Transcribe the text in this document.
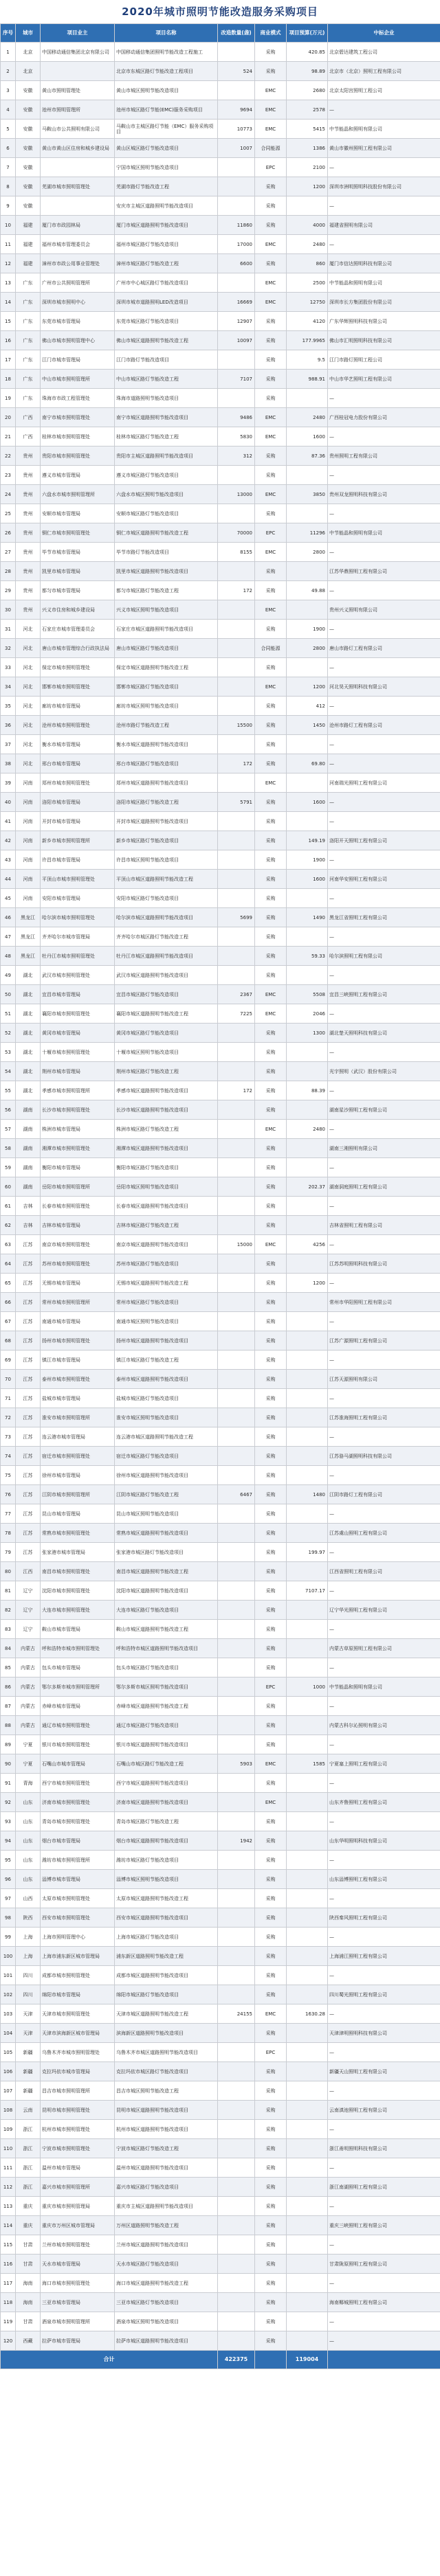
2020年城市照明节能改造服务采购项目
序号	城市	项目业主	项目名称	改造数量(盏)	商业模式	项目预算(万元)	中标企业
1	北京	中国移动通信集团北京有限公司	中国移动通信集团照明节能改造工程施工		采购	420.85	北京碧达建筑工程公司
2	北京		北京市东城区路灯节能改造工程项目	524	采购	98.89	北京市（北京）照明工程有限公司
3	安徽	黄山市照明管理处	黄山市城区照明节能改造项目		EMC	2680	北京太阳宫照明工程公司
4	安徽	池州市照明管理所	池州市城区路灯节能(EMC)服务采购项目	9694	EMC	2578	—
5	安徽	马鞍山市公共照明有限公司	马鞍山市主城区路灯节能（EMC）服务采购项目	10773	EMC	5415	中节能晶和照明有限公司
6	安徽	黄山市黄山区住房和城乡建设局	黄山区城区路灯节能改造项目	1007	合同能源	1386	黄山市徽州照明工程有限公司
7	安徽		宁国市城区照明节能改造项目		EPC	2100	—
8	安徽	芜湖市城市照明管理处	芜湖市路灯节能改造工程		采购	1200	深圳市洲明照明科技股份有限公司
9	安徽		安庆市主城区道路照明节能改造项目		采购		—
10	福建	厦门市市政园林局	厦门市城区道路照明节能改造项目	11860	采购	4000	福建省照明有限公司
11	福建	福州市城市管理委员会	福州市城区路灯节能改造项目	17000	EMC	2480	—
12	福建	漳州市市政公用事业管理处	漳州市城区路灯节能改造工程	6600	采购	860	厦门市信达照明科技有限公司
13	广东	广州市公共照明管理所	广州市中心城区路灯节能改造项目		EMC	2500	中节能晶和照明有限公司
14	广东	深圳市城市照明中心	深圳市城市道路照明LED改造项目	16669	EMC	12750	深圳市长方集团股份有限公司
15	广东	东莞市城市管理局	东莞市城区路灯节能改造项目	12907	采购	4120	广东华辉照明科技有限公司
16	广东	佛山市城市照明管理中心	佛山市城区道路照明节能改造工程	10097	采购	177.9965	佛山市汇明照明科技有限公司
17	广东	江门市城市管理局	江门市路灯节能改造项目		采购	9.5	江门市路灯照明工程公司
18	广东	中山市城市照明管理所	中山市城区路灯节能改造工程	7107	采购	988.91	中山市华艺照明工程有限公司
19	广东	珠海市市政工程管理处	珠海市道路照明节能改造项目		采购		—
20	广西	南宁市城市照明管理处	南宁市城区道路照明节能改造项目	9486	EMC	2480	广西桂冠电力股份有限公司
21	广西	桂林市城市照明管理处	桂林市城区路灯节能改造工程	5830	EMC	1600	—
22	贵州	贵阳市城市照明管理处	贵阳市主城区道路照明节能改造项目	312	采购	87.36	贵州照明工程有限公司
23	贵州	遵义市城市管理局	遵义市城区路灯节能改造项目		采购		—
24	贵州	六盘水市城市照明管理所	六盘水市城区照明节能改造项目	13000	EMC	3850	贵州双龙照明科技有限公司
25	贵州	安顺市城市管理局	安顺市城区路灯节能改造项目		采购		—
26	贵州	铜仁市城市照明管理处	铜仁市城区道路照明节能改造工程	70000	EPC	11296	中节能晶和照明有限公司
27	贵州	毕节市城市管理局	毕节市路灯节能改造项目	8155	EMC	2800	—
28	贵州	凯里市城市管理局	凯里市城区道路照明节能改造项目		采购		江苏华鼎照明工程有限公司
29	贵州	都匀市城市管理局	都匀市城区路灯节能改造工程	172	采购	49.88	—
30	贵州	兴义市住房和城乡建设局	兴义市城区照明节能改造项目		EMC		贵州兴义照明有限公司
31	河北	石家庄市城市管理委员会	石家庄市城区道路照明节能改造项目		采购	1900	—
32	河北	唐山市城市管理综合行政执法局	唐山市城区路灯节能改造项目		合同能源	2800	唐山市路灯工程有限公司
33	河北	保定市城市照明管理处	保定市城区道路照明节能改造工程		采购		—
34	河北	邯郸市城市照明管理处	邯郸市城区路灯节能改造项目		EMC	1200	河北昊天照明科技有限公司
35	河北	廊坊市城市管理局	廊坊市城区照明节能改造项目		采购	412	—
36	河北	沧州市城市照明管理处	沧州市路灯节能改造工程	15500	采购	1450	沧州市路灯工程有限公司
37	河北	衡水市城市管理局	衡水市城区道路照明节能改造项目		采购		—
38	河北	邢台市城市管理局	邢台市城区路灯节能改造项目	172	采购	69.80	—
39	河南	郑州市城市照明管理处	郑州市城区道路照明节能改造项目		EMC		河南瑞光照明工程有限公司
40	河南	洛阳市城市管理局	洛阳市城区路灯节能改造工程	5791	采购	1600	—
41	河南	开封市城市管理局	开封市城区道路照明节能改造项目		采购		—
42	河南	新乡市城市照明管理所	新乡市城区路灯节能改造项目		采购	149.19	洛阳开天照明工程有限公司
43	河南	许昌市城市管理局	许昌市城区照明节能改造项目		采购	1900	—
44	河南	平顶山市城市照明管理处	平顶山市城区道路照明节能改造工程		采购	1600	河南华安照明工程有限公司
45	河南	安阳市城市管理局	安阳市城区路灯节能改造项目		采购		—
46	黑龙江	哈尔滨市城市照明管理处	哈尔滨市城区道路照明节能改造项目	5699	采购	1490	黑龙江省照明工程有限公司
47	黑龙江	齐齐哈尔市城市管理局	齐齐哈尔市城区路灯节能改造工程		采购		—
48	黑龙江	牡丹江市城市照明管理处	牡丹江市城区道路照明节能改造项目		采购	59.33	哈尔滨照明工程有限公司
49	湖北	武汉市城市照明管理处	武汉市城区道路照明节能改造项目		采购		—
50	湖北	宜昌市城市管理局	宜昌市城区路灯节能改造项目	2367	EMC	5508	宜昌三峡照明工程有限公司
51	湖北	襄阳市城市照明管理处	襄阳市城区道路照明节能改造工程	7225	EMC	2046	—
52	湖北	黄冈市城市管理局	黄冈市城区路灯节能改造项目		采购	1300	湖北楚天照明科技有限公司
53	湖北	十堰市城市照明管理处	十堰市城区照明节能改造项目		采购		—
54	湖北	荆州市城市管理局	荆州市城区路灯节能改造工程		采购		光宇照明（武汉）股份有限公司
55	湖北	孝感市城市照明管理所	孝感市城区道路照明节能改造项目	172	采购	88.39	—
56	湖南	长沙市城市照明管理处	长沙市城区道路照明节能改造项目		采购		湖南星沙照明工程有限公司
57	湖南	株洲市城市管理局	株洲市城区路灯节能改造工程		EMC	2480	—
58	湖南	湘潭市城市照明管理处	湘潭市城区道路照明节能改造项目		采购		湖南三湘照明有限公司
59	湖南	衡阳市城市管理局	衡阳市城区路灯节能改造项目		采购		—
60	湖南	岳阳市城市照明管理所	岳阳市城区照明节能改造项目		采购	202.37	湖南洞庭照明工程有限公司
61	吉林	长春市城市照明管理处	长春市城区道路照明节能改造项目		采购		—
62	吉林	吉林市城市管理局	吉林市城区路灯节能改造工程		采购		吉林省照明工程有限公司
63	江苏	南京市城市照明管理处	南京市城区道路照明节能改造项目	15000	EMC	4256	—
64	江苏	苏州市城市照明管理处	苏州市城区路灯节能改造项目		采购		江苏苏明照明科技有限公司
65	江苏	无锡市城市管理局	无锡市城区道路照明节能改造工程		采购	1200	—
66	江苏	常州市城市照明管理所	常州市城区路灯节能改造项目		采购		常州市华阳照明工程有限公司
67	江苏	南通市城市管理局	南通市城区照明节能改造项目		采购		—
68	江苏	扬州市城市照明管理处	扬州市城区道路照明节能改造项目		采购		江苏广源照明工程有限公司
69	江苏	镇江市城市管理局	镇江市城区路灯节能改造工程		采购		—
70	江苏	泰州市城市照明管理处	泰州市城区道路照明节能改造项目		采购		江苏天源照明有限公司
71	江苏	盐城市城市管理局	盐城市城区路灯节能改造项目		采购		—
72	江苏	淮安市城市照明管理所	淮安市城区照明节能改造项目		采购		江苏淮海照明工程有限公司
73	江苏	连云港市城市管理局	连云港市城区道路照明节能改造工程		采购		—
74	江苏	宿迁市城市照明管理处	宿迁市城区路灯节能改造项目		采购		江苏骆马湖照明科技有限公司
75	江苏	徐州市城市管理局	徐州市城区道路照明节能改造项目		采购		—
76	江苏	江阴市城市照明管理所	江阴市城区路灯节能改造工程	6467	采购	1480	江阴市路灯工程有限公司
77	江苏	昆山市城市管理局	昆山市城区照明节能改造项目		采购		—
78	江苏	常熟市城市照明管理处	常熟市城区道路照明节能改造项目		采购		江苏虞山照明工程有限公司
79	江苏	张家港市城市管理局	张家港市城区路灯节能改造项目		采购	199.97	—
80	江西	南昌市城市照明管理处	南昌市城区道路照明节能改造工程		采购		江西省照明工程有限公司
81	辽宁	沈阳市城市照明管理处	沈阳市城区道路照明节能改造项目		采购	7107.17	—
82	辽宁	大连市城市照明管理处	大连市城区路灯节能改造项目		采购		辽宁华光照明工程有限公司
83	辽宁	鞍山市城市管理局	鞍山市城区道路照明节能改造工程		采购		—
84	内蒙古	呼和浩特市城市照明管理处	呼和浩特市城区道路照明节能改造项目		采购		内蒙古草原照明工程有限公司
85	内蒙古	包头市城市管理局	包头市城区路灯节能改造项目		采购		—
86	内蒙古	鄂尔多斯市城市照明管理所	鄂尔多斯市城区照明节能改造项目		EPC	1000	中节能晶和照明有限公司
87	内蒙古	赤峰市城市管理局	赤峰市城区道路照明节能改造工程		采购		—
88	内蒙古	通辽市城市照明管理处	通辽市城区路灯节能改造项目		采购		内蒙古科尔沁照明有限公司
89	宁夏	银川市城市照明管理处	银川市城区道路照明节能改造项目		采购		—
90	宁夏	石嘴山市城市管理局	石嘴山市城区路灯节能改造工程	5903	EMC	1585	宁夏塞上照明工程有限公司
91	青海	西宁市城市照明管理处	西宁市城区道路照明节能改造项目		采购		—
92	山东	济南市城市照明管理处	济南市城区道路照明节能改造项目		EMC		山东齐鲁照明工程有限公司
93	山东	青岛市城市照明管理处	青岛市城区路灯节能改造工程		采购		—
94	山东	烟台市城市管理局	烟台市城区道路照明节能改造项目	1942	采购		山东华明照明科技有限公司
95	山东	潍坊市城市照明管理所	潍坊市城区路灯节能改造项目		采购		—
96	山东	淄博市城市管理局	淄博市城区照明节能改造项目		采购		山东淄博照明工程有限公司
97	山西	太原市城市照明管理处	太原市城区道路照明节能改造工程		采购		—
98	陕西	西安市城市照明管理处	西安市城区道路照明节能改造项目		采购		陕西秦风照明工程有限公司
99	上海	上海市照明管理中心	上海市城区路灯节能改造项目		采购		—
100	上海	上海市浦东新区城市管理局	浦东新区道路照明节能改造工程		采购		上海浦江照明工程有限公司
101	四川	成都市城市照明管理处	成都市城区道路照明节能改造项目		采购		—
102	四川	绵阳市城市管理局	绵阳市城区路灯节能改造项目		采购		四川蜀光照明工程有限公司
103	天津	天津市城市照明管理处	天津市城区道路照明节能改造工程	24155	EMC	1630.28	—
104	天津	天津市滨海新区城市管理局	滨海新区道路照明节能改造项目		采购		天津津明照明科技有限公司
105	新疆	乌鲁木齐市城市照明管理处	乌鲁木齐市城区道路照明节能改造项目		EPC		—
106	新疆	克拉玛依市城市管理局	克拉玛依市城区路灯节能改造项目		采购		新疆天山照明工程有限公司
107	新疆	昌吉市城市照明管理所	昌吉市城区照明节能改造工程		采购		—
108	云南	昆明市城市照明管理处	昆明市城区道路照明节能改造项目		采购		云南滇池照明工程有限公司
109	浙江	杭州市城市照明管理处	杭州市城区道路照明节能改造项目		采购		—
110	浙江	宁波市城市照明管理处	宁波市城区路灯节能改造工程		采购		浙江甬明照明科技有限公司
111	浙江	温州市城市管理局	温州市城区道路照明节能改造项目		采购		—
112	浙江	嘉兴市城市照明管理所	嘉兴市城区路灯节能改造项目		采购		浙江南湖照明工程有限公司
113	重庆	重庆市城市照明管理局	重庆市主城区道路照明节能改造项目		采购		—
114	重庆	重庆市万州区城市管理局	万州区道路照明节能改造工程		采购		重庆三峡照明工程有限公司
115	甘肃	兰州市城市照明管理处	兰州市城区道路照明节能改造项目		采购		—
116	甘肃	天水市城市管理局	天水市城区路灯节能改造项目		采购		甘肃陇原照明工程有限公司
117	海南	海口市城市照明管理处	海口市城区道路照明节能改造工程		采购		—
118	海南	三亚市城市管理局	三亚市城区路灯节能改造项目		采购		海南椰城照明工程有限公司
119	甘肃	酒泉市城市照明管理所	酒泉市城区照明节能改造项目		采购		—
120	西藏	拉萨市城市管理局	拉萨市城区道路照明节能改造项目		采购		—
合计				422375		119004	
